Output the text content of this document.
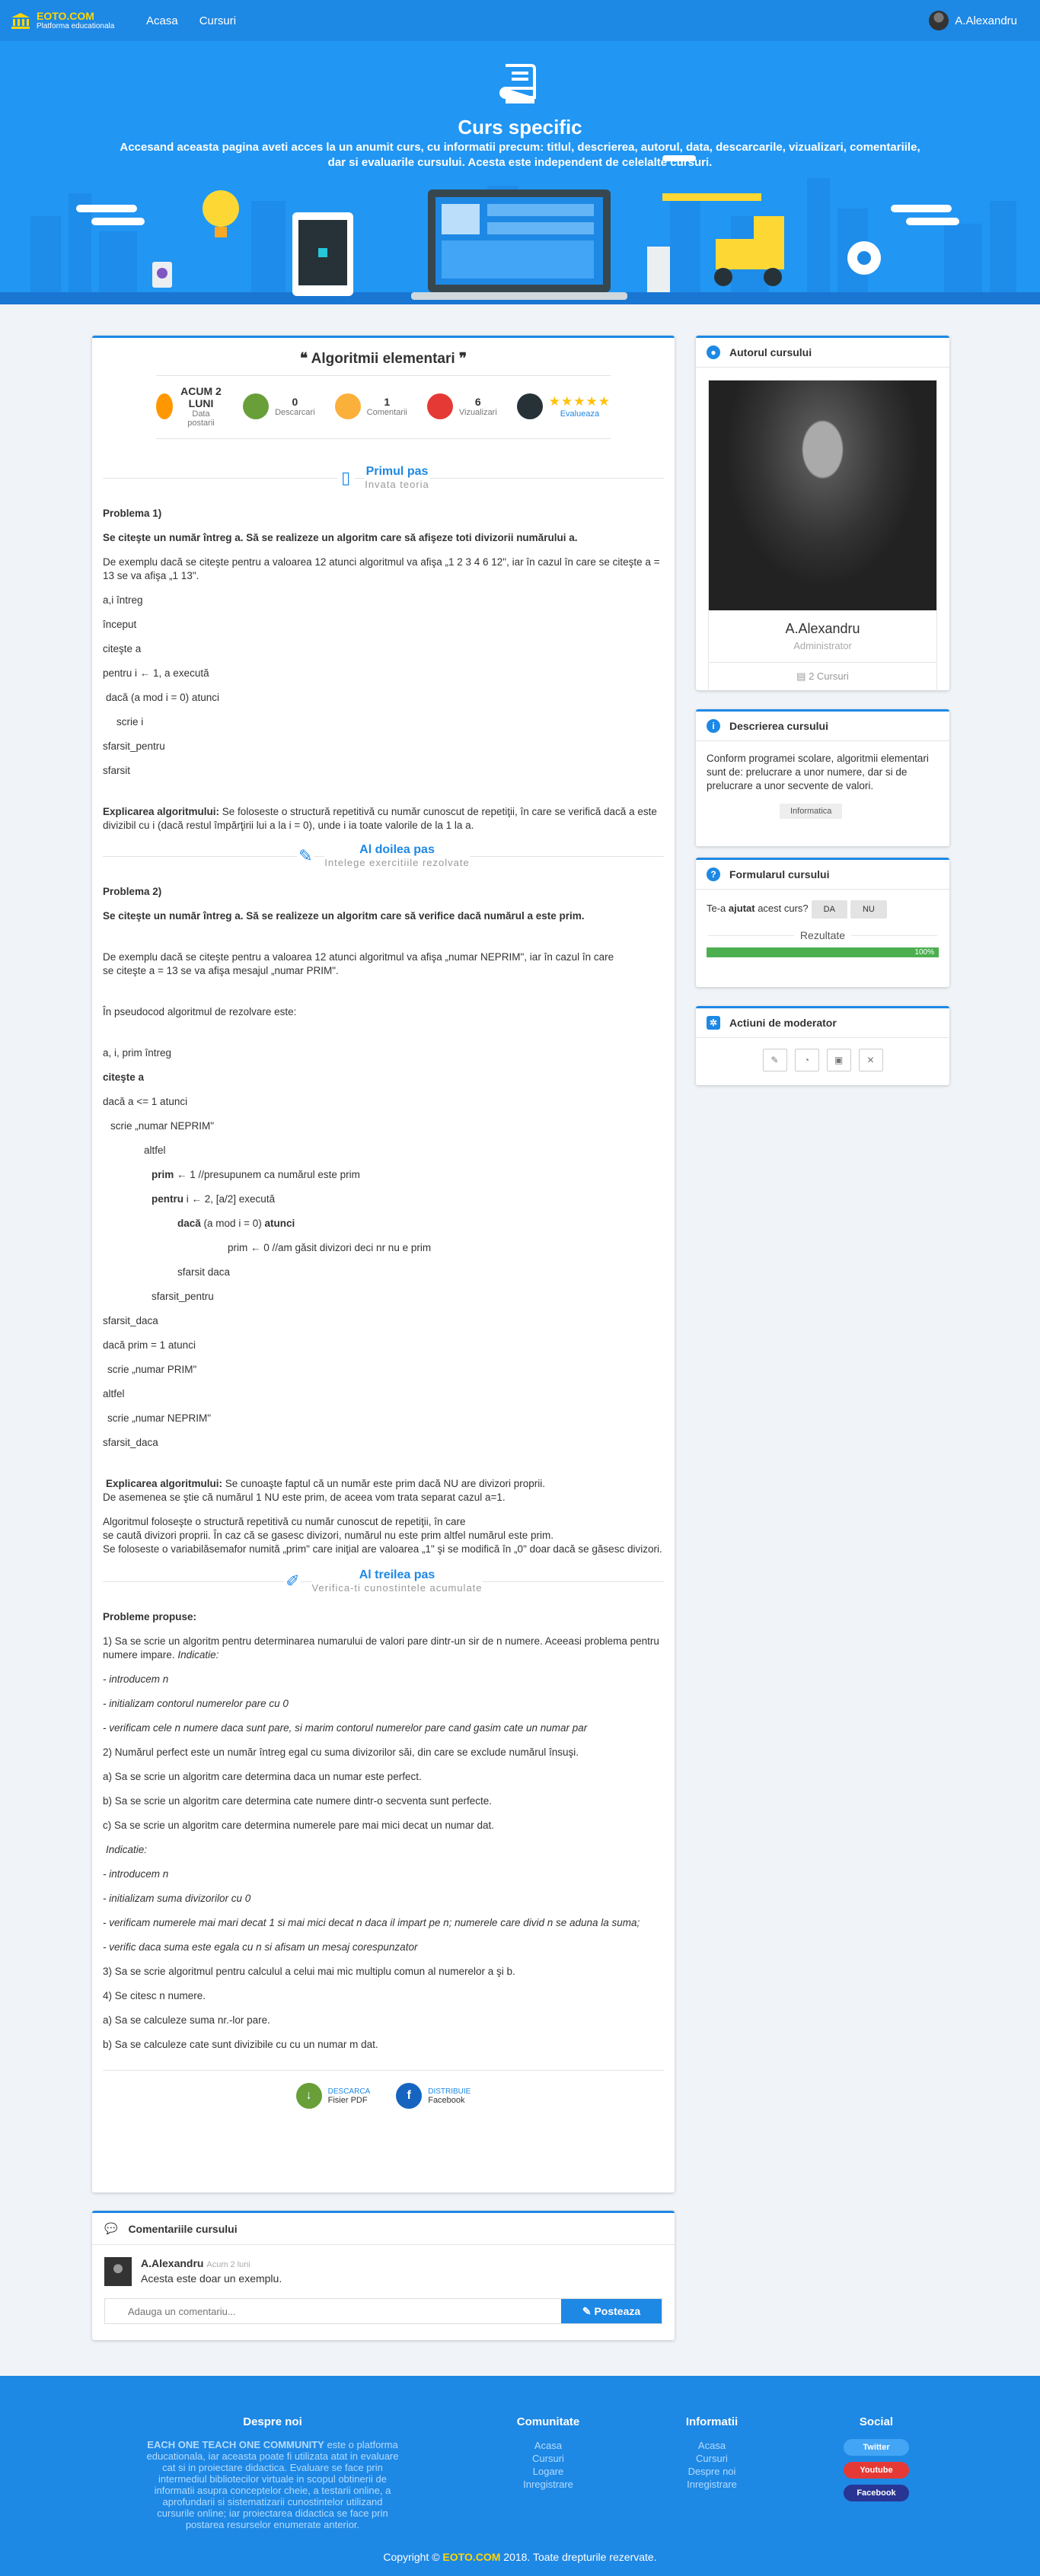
EOTO.COM
Platforma educationala	Acasa Cursuri	A.Alexandru
Curs specific
Accesand aceasta pagina aveti acces la un anumit curs, cu informatii precum: titlul, descrierea, autorul, data, descarcarile, vizualizari, comentariile, dar si evaluarile cursului. Acesta este independent de celelalte cursuri.
❝ Algoritmii elementari ❞
ACUM 2 LUNI
Data postarii
0
Descarcari
1
Comentarii
6
Vizualizari
★★★★★
Evalueaza
▯	Primul pas
Invata teoria
Problema 1)
Se citeşte un număr întreg a. Să se realizeze un algoritm care să afişeze toti divizorii numărului a.
De exemplu dacă se citeşte pentru a valoarea 12 atunci algoritmul va afişa „1 2 3 4 6 12", iar în cazul în care se citeşte a = 13 se va afişa „1 13".
a,i întreg
început
citeşte a
pentru i ← 1, a execută
dacă (a mod i = 0) atunci
scrie i
sfarsit_pentru
sfarsit
Explicarea algoritmului: Se foloseste o structură repetitivă cu număr cunoscut de repetiţii, în care se verifică dacă a este divizibil cu i (dacă restul împărţirii lui a la i = 0), unde i ia toate valorile de la 1 la a.
✎	Al doilea pas
Intelege exercitiile rezolvate
Problema 2)
Se citeşte un număr întreg a. Să se realizeze un algoritm care să verifice dacă numărul a este prim.
De exemplu dacă se citeşte pentru a valoarea 12 atunci algoritmul va afişa „numar NEPRIM", iar în cazul în care
se citeşte a = 13 se va afişa mesajul „numar PRIM".
În pseudocod algoritmul de rezolvare este:
a, i, prim întreg
citeşte a
dacă a <= 1 atunci
scrie „numar NEPRIM"
altfel
prim ← 1 //presupunem ca numărul este prim
pentru i ← 2, [a/2] execută
dacă (a mod i = 0) atunci
prim ← 0 //am găsit divizori deci nr nu e prim
sfarsit daca
sfarsit_pentru
sfarsit_daca
dacă prim = 1 atunci
scrie „numar PRIM"
altfel
scrie „numar NEPRIM"
sfarsit_daca
Explicarea algoritmului: Se cunoaşte faptul că un număr este prim dacă NU are divizori proprii.
De asemenea se ştie că numărul 1 NU este prim, de aceea vom trata separat cazul a=1.
Algoritmul foloseşte o structură repetitivă cu număr cunoscut de repetiţii, în care
se caută divizori proprii. În caz că se gasesc divizori, numărul nu este prim altfel numărul este prim.
Se foloseste o variabilăsemafor numită „prim" care iniţial are valoarea „1" şi se modifică în „0" doar dacă se găsesc divizori.
✐	Al treilea pas
Verifica-ti cunostintele acumulate
Probleme propuse:
1) Sa se scrie un algoritm pentru determinarea numarului de valori pare dintr-un sir de n numere. Aceeasi problema pentru numere impare. Indicatie:
- introducem n
- initializam contorul numerelor pare cu 0
- verificam cele n numere daca sunt pare, si marim contorul numerelor pare cand gasim cate un numar par
2) Numărul perfect este un număr întreg egal cu suma divizorilor săi, din care se exclude numărul însuşi.
a) Sa se scrie un algoritm care determina daca un numar este perfect.
b) Sa se scrie un algoritm care determina cate numere dintr-o secventa sunt perfecte.
c) Sa se scrie un algoritm care determina numerele pare mai mici decat un numar dat.
Indicatie:
- introducem n
- initializam suma divizorilor cu 0
- verificam numerele mai mari decat 1 si mai mici decat n daca il impart pe n; numerele care divid n se aduna la suma;
- verific daca suma este egala cu n si afisam un mesaj corespunzator
3) Sa se scrie algoritmul pentru calculul a celui mai mic multiplu comun al numerelor a şi b.
4) Se citesc n numere.
a) Sa se calculeze suma nr.-lor pare.
b) Sa se calculeze cate sunt divizibile cu cu un numar m dat.
↓	DESCARCA
Fisier PDF	f	DISTRIBUIE
Facebook
●	Autorul cursului
A.Alexandru
Administrator
▤ 2 Cursuri
i	Descrierea cursului
Conform programei scolare, algoritmii elementari sunt de: prelucrare a unor numere, dar si de prelucrare a unor secvente de valori.
Informatica
?	Formularul cursului
Te-a ajutat acest curs? DA	NU
Rezultate
100%
✲ Actiuni de moderator
✎	◔	▣	✕
💬 Comentariile cursului
A.Alexandru Acum 2 luni
Acesta este doar un exemplu.
Adauga un comentariu...
✎ Posteaza
Despre noi
EACH ONE TEACH ONE COMMUNITY este o platforma educationala, iar aceasta poate fi utilizata atat in evaluare cat si in proiectare didactica. Evaluare se face prin intermediul bibliotecilor virtuale in scopul obtinerii de informatii asupra conceptelor cheie, a testarii online, a aprofundarii si sistematizarii cunostintelor utilizand cursurile online; iar proiectarea didactica se face prin postarea resurselor enumerate anterior.
Comunitate
Acasa
Cursuri
Logare
Inregistrare
Informatii
Acasa
Cursuri
Despre noi
Inregistrare
Social
Twitter
Youtube
Facebook
Copyright © EOTO.COM 2018. Toate drepturile rezervate.
